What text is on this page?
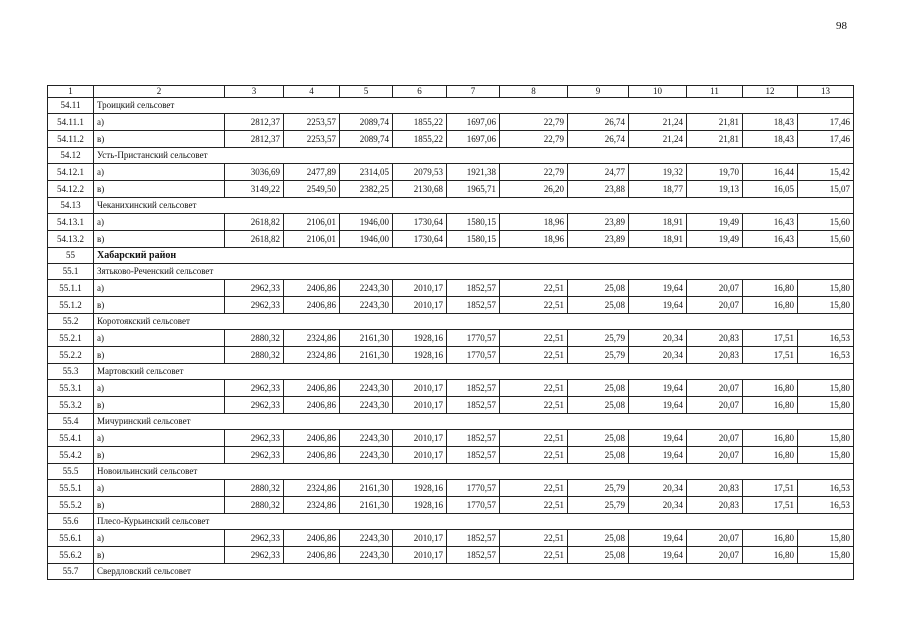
98
1	2	3	4	5	6	7	8	9	10	11	12	13
54.11	Троицкий сельсовет											
54.11.1	а)	2812,37	2253,57	2089,74	1855,22	1697,06	22,79	26,74	21,24	21,81	18,43	17,46
54.11.2	в)	2812,37	2253,57	2089,74	1855,22	1697,06	22,79	26,74	21,24	21,81	18,43	17,46
54.12	Усть-Пристанский сельсовет											
54.12.1	а)	3036,69	2477,89	2314,05	2079,53	1921,38	22,79	24,77	19,32	19,70	16,44	15,42
54.12.2	в)	3149,22	2549,50	2382,25	2130,68	1965,71	26,20	23,88	18,77	19,13	16,05	15,07
54.13	Чеканихинский сельсовет											
54.13.1	а)	2618,82	2106,01	1946,00	1730,64	1580,15	18,96	23,89	18,91	19,49	16,43	15,60
54.13.2	в)	2618,82	2106,01	1946,00	1730,64	1580,15	18,96	23,89	18,91	19,49	16,43	15,60
55	Хабарский район											
55.1	Зятьково-Реченский сельсовет											
55.1.1	а)	2962,33	2406,86	2243,30	2010,17	1852,57	22,51	25,08	19,64	20,07	16,80	15,80
55.1.2	в)	2962,33	2406,86	2243,30	2010,17	1852,57	22,51	25,08	19,64	20,07	16,80	15,80
55.2	Коротоякский сельсовет											
55.2.1	а)	2880,32	2324,86	2161,30	1928,16	1770,57	22,51	25,79	20,34	20,83	17,51	16,53
55.2.2	в)	2880,32	2324,86	2161,30	1928,16	1770,57	22,51	25,79	20,34	20,83	17,51	16,53
55.3	Мартовский сельсовет											
55.3.1	а)	2962,33	2406,86	2243,30	2010,17	1852,57	22,51	25,08	19,64	20,07	16,80	15,80
55.3.2	в)	2962,33	2406,86	2243,30	2010,17	1852,57	22,51	25,08	19,64	20,07	16,80	15,80
55.4	Мичуринский сельсовет											
55.4.1	а)	2962,33	2406,86	2243,30	2010,17	1852,57	22,51	25,08	19,64	20,07	16,80	15,80
55.4.2	в)	2962,33	2406,86	2243,30	2010,17	1852,57	22,51	25,08	19,64	20,07	16,80	15,80
55.5	Новоильинский сельсовет											
55.5.1	а)	2880,32	2324,86	2161,30	1928,16	1770,57	22,51	25,79	20,34	20,83	17,51	16,53
55.5.2	в)	2880,32	2324,86	2161,30	1928,16	1770,57	22,51	25,79	20,34	20,83	17,51	16,53
55.6	Плесо-Курьинский сельсовет											
55.6.1	а)	2962,33	2406,86	2243,30	2010,17	1852,57	22,51	25,08	19,64	20,07	16,80	15,80
55.6.2	в)	2962,33	2406,86	2243,30	2010,17	1852,57	22,51	25,08	19,64	20,07	16,80	15,80
55.7	Свердловский сельсовет											
